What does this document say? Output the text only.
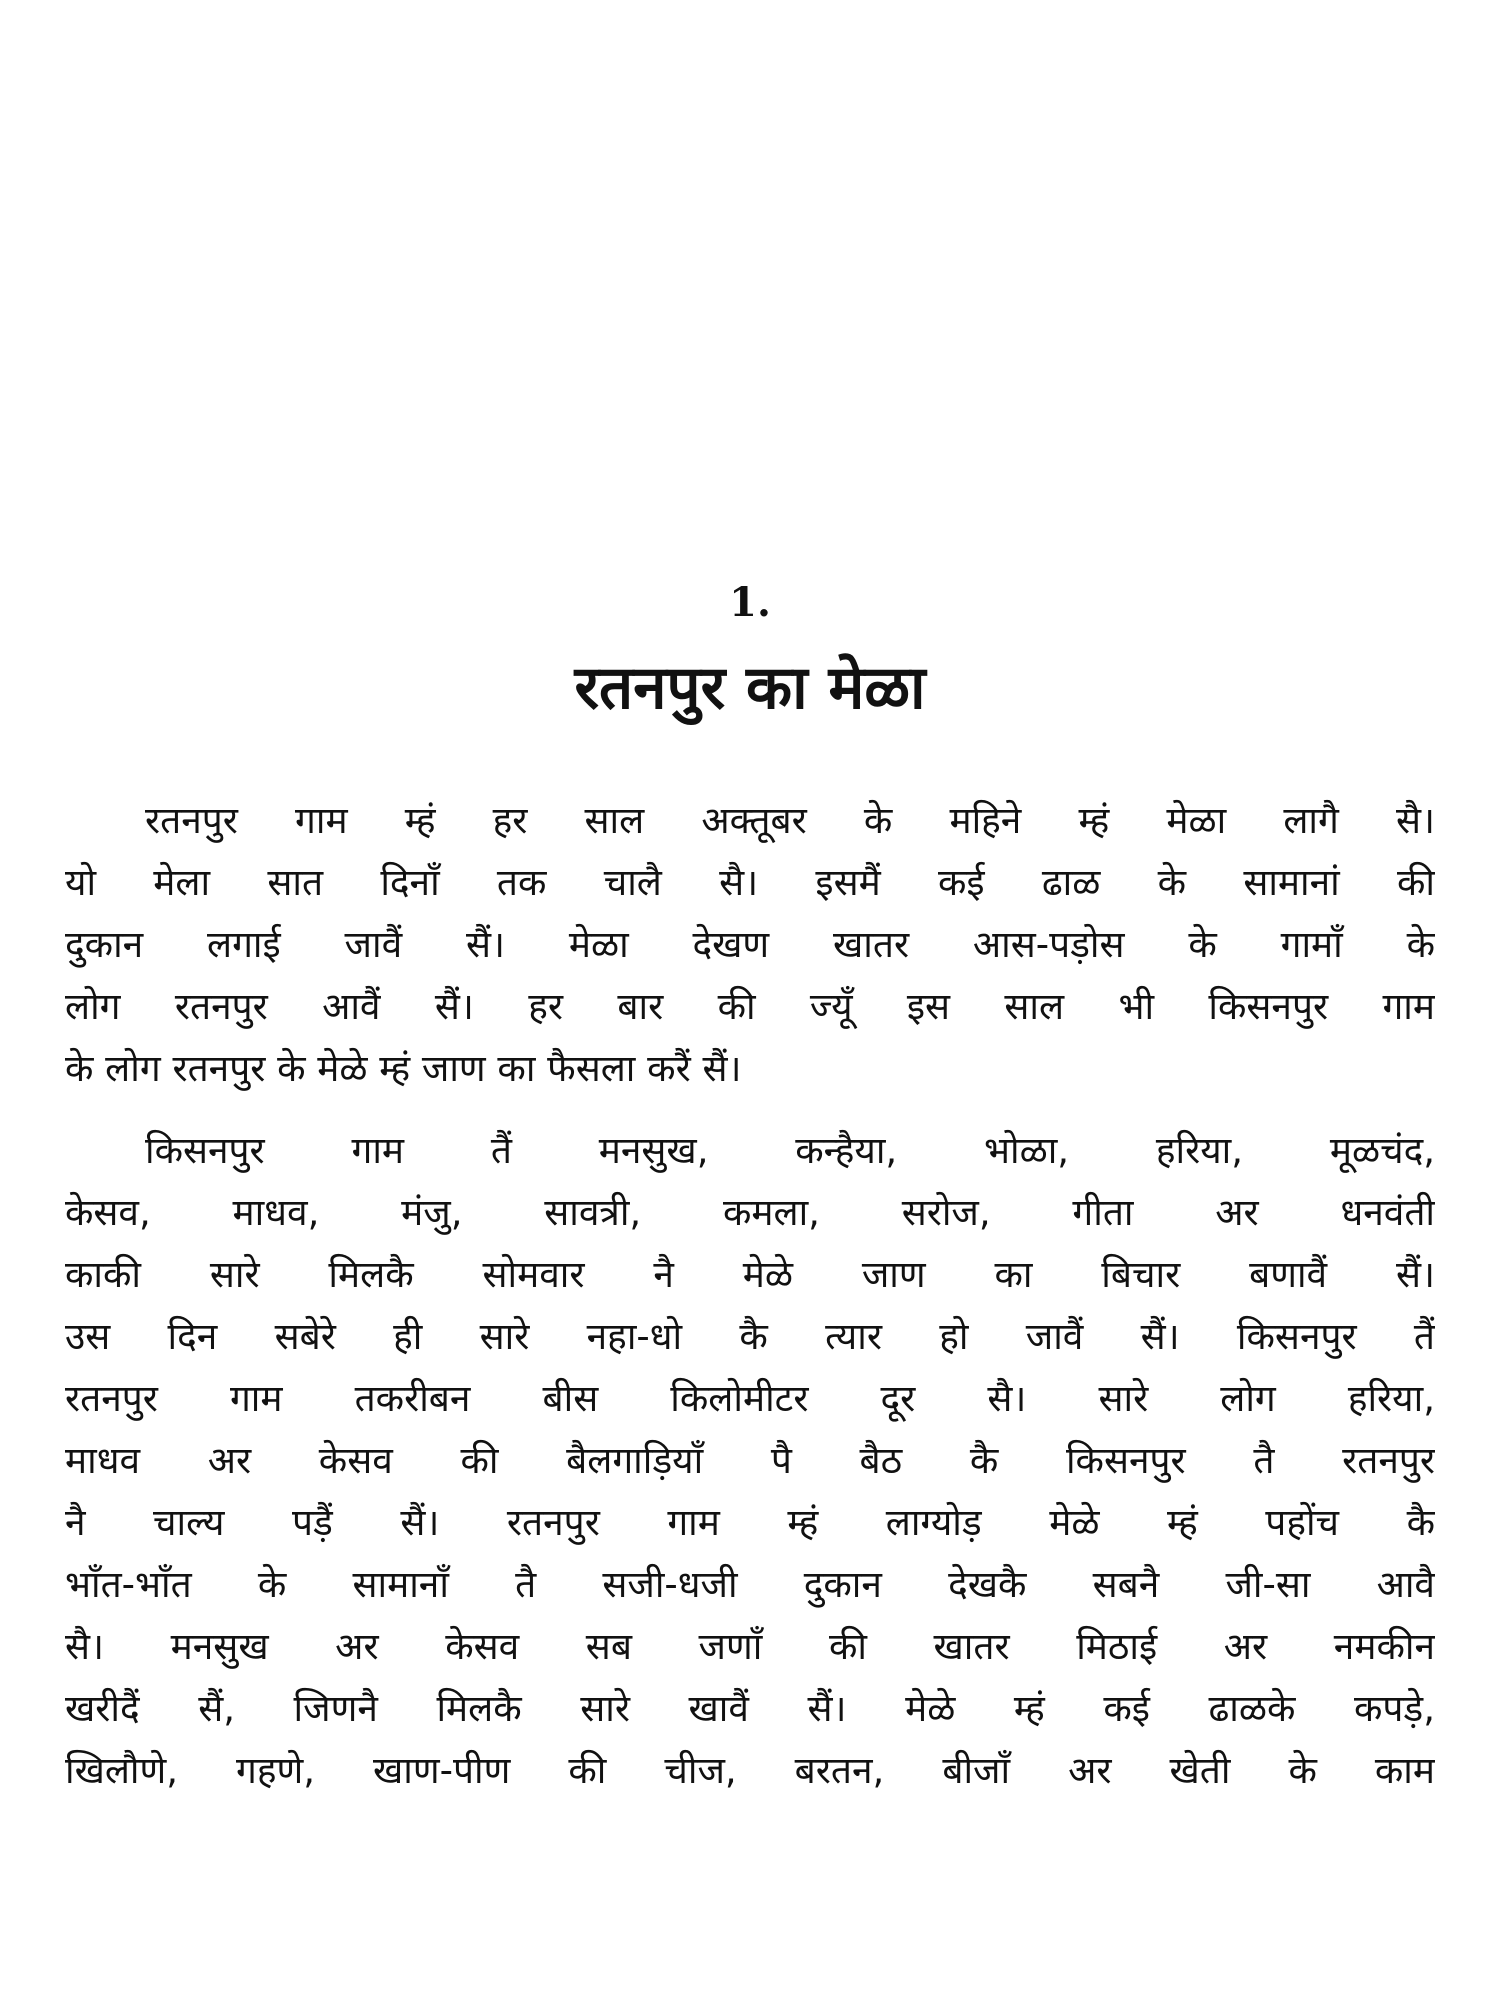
1.
रतनपुर का मेळा
रतनपुर गाम म्हं हर साल अक्तूबर के महिने म्हं मेळा लागै सै।
यो मेला सात दिनाँ तक चालै सै। इसमैं कई ढाळ के सामानां की
दुकान लगाई जावैं सैं। मेळा देखण खातर आस-पड़ोस के गामाँ के
लोग रतनपुर आवैं सैं। हर बार की ज्यूँ इस साल भी किसनपुर गाम
के लोग रतनपुर के मेळे म्हं जाण का फैसला करैं सैं।
किसनपुर गाम तैं मनसुख, कन्हैया, भोळा, हरिया, मूळचंद,
केसव, माधव, मंजु, सावत्री, कमला, सरोज, गीता अर धनवंती
काकी सारे मिलकै सोमवार नै मेळे जाण का बिचार बणावैं सैं।
उस दिन सबेरे ही सारे नहा-धो कै त्यार हो जावैं सैं। किसनपुर तैं
रतनपुर गाम तकरीबन बीस किलोमीटर दूर सै। सारे लोग हरिया,
माधव अर केसव की बैलगाड़ियाँ पै बैठ कै किसनपुर तै रतनपुर
नै चाल्य पड़ैं सैं। रतनपुर गाम म्हं लाग्योड़ मेळे म्हं पहोंच कै
भाँत-भाँत के सामानाँ तै सजी-धजी दुकान देखकै सबनै जी-सा आवै
सै। मनसुख अर केसव सब जणाँ की खातर मिठाई अर नमकीन
खरीदैं सैं, जिणनै मिलकै सारे खावैं सैं। मेळे म्हं कई ढाळके कपड़े,
खिलौणे, गहणे, खाण-पीण की चीज, बरतन, बीजाँ अर खेती के काम
